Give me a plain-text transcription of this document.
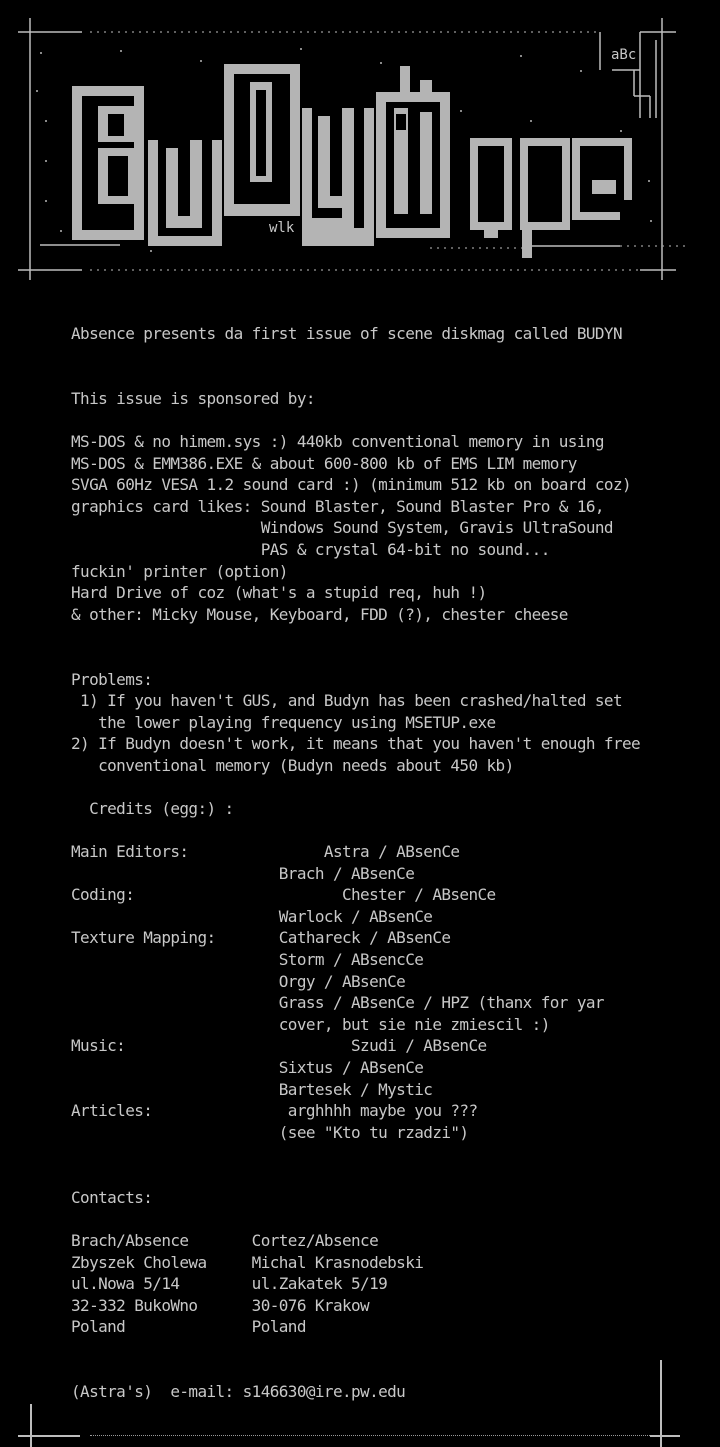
aBc
wlk
BuDyn Dope
Absence presents da first issue of scene diskmag called BUDYN
This issue is sponsored by:
MS-DOS & no himem.sys :) 440kb conventional memory in using
MS-DOS & EMM386.EXE & about 600-800 kb of EMS LIM memory
SVGA 60Hz VESA 1.2 sound card :) (minimum 512 kb on board coz)
graphics card likes: Sound Blaster, Sound Blaster Pro & 16,
Windows Sound System, Gravis UltraSound
PAS & crystal 64-bit no sound...
fuckin' printer (option)
Hard Drive of coz (what's a stupid req, huh !)
& other: Micky Mouse, Keyboard, FDD (?), chester cheese
Problems:
1) If you haven't GUS, and Budyn has been crashed/halted set
the lower playing frequency using MSETUP.exe
2) If Budyn doesn't work, it means that you haven't enough free
conventional memory (Budyn needs about 450 kb)
Credits (egg:) :
Main Editors:               Astra / ABsenCe
Brach / ABsenCe
Coding:                       Chester / ABsenCe
Warlock / ABsenCe
Texture Mapping:       Cathareck / ABsenCe
Storm / ABsencCe
Orgy / ABsenCe
Grass / ABsenCe / HPZ (thanx for yar
cover, but sie nie zmiescil :)
Music:                         Szudi / ABsenCe
Sixtus / ABsenCe
Bartesek / Mystic
Articles:               arghhhh maybe you ???
(see "Kto tu rzadzi")
Contacts:
Brach/Absence       Cortez/Absence
Zbyszek Cholewa     Michal Krasnodebski
ul.Nowa 5/14        ul.Zakatek 5/19
32-332 BukoWno      30-076 Krakow
Poland              Poland
(Astra's)  e-mail: s146630@ire.pw.edu
